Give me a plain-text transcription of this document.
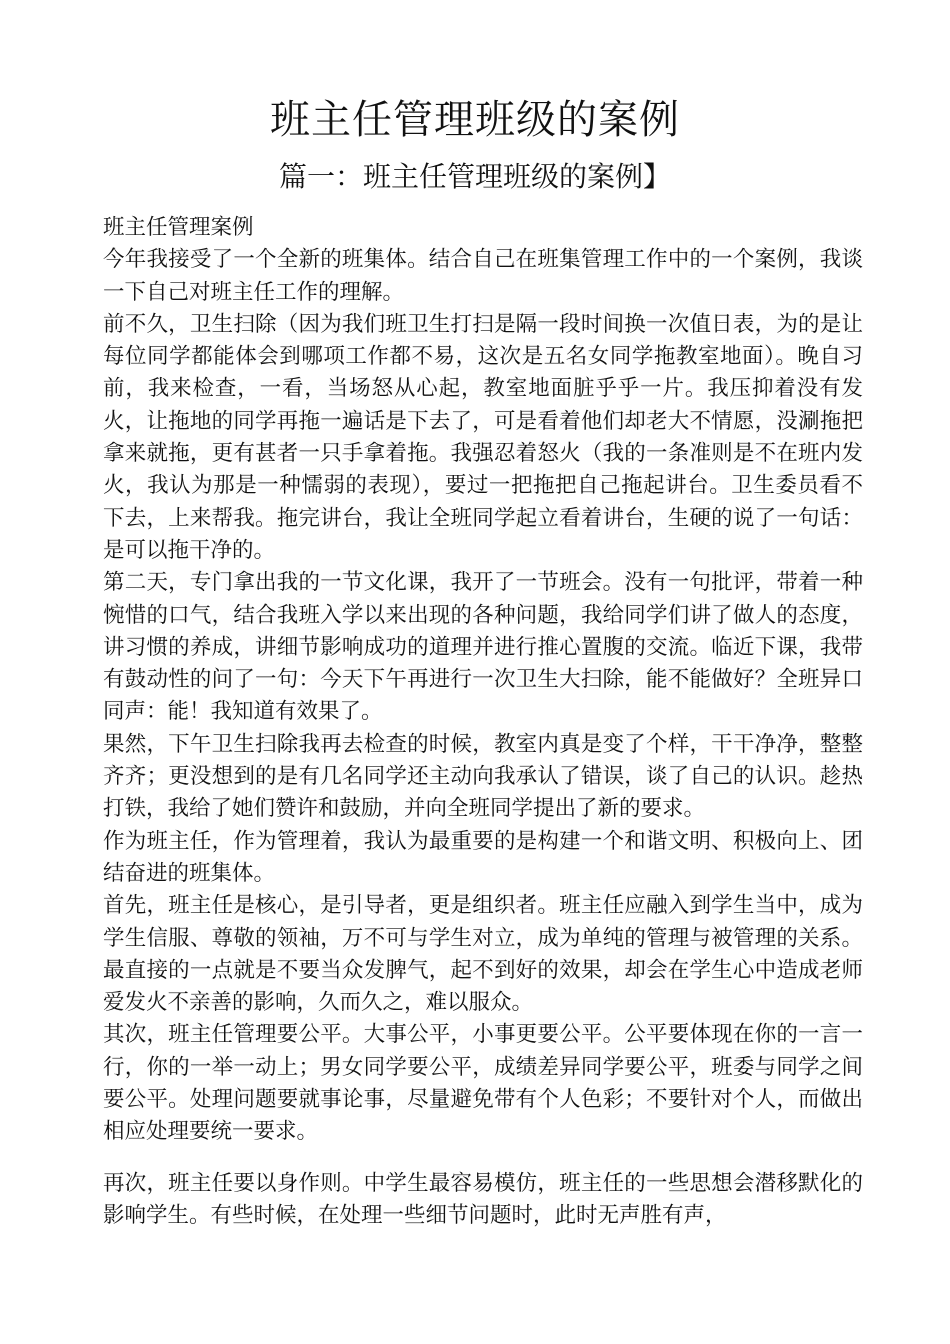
班主任管理班级的案例
篇一：班主任管理班级的案例】

班主任管理案例

今年我接受了一个全新的班集体。结合自己在班集管理工作中的一个案例，我谈一下自己对班主任工作的理解。

前不久，卫生扫除（因为我们班卫生打扫是隔一段时间换一次值日表，为的是让每位同学都能体会到哪项工作都不易，这次是五名女同学拖教室地面）。晚自习前，我来检查，一看，当场怒从心起，教室地面脏乎乎一片。我压抑着没有发火，让拖地的同学再拖一遍话是下去了，可是看着他们却老大不情愿，没涮拖把拿来就拖，更有甚者一只手拿着拖。我强忍着怒火（我的一条准则是不在班内发火，我认为那是一种懦弱的表现），要过一把拖把自己拖起讲台。卫生委员看不下去，上来帮我。拖完讲台，我让全班同学起立看着讲台，生硬的说了一句话：是可以拖干净的。

第二天，专门拿出我的一节文化课，我开了一节班会。没有一句批评，带着一种惋惜的口气，结合我班入学以来出现的各种问题，我给同学们讲了做人的态度，讲习惯的养成，讲细节影响成功的道理并进行推心置腹的交流。临近下课，我带有鼓动性的问了一句：今天下午再进行一次卫生大扫除，能不能做好？全班异口同声：能！我知道有效果了。

果然，下午卫生扫除我再去检查的时候，教室内真是变了个样，干干净净，整整齐齐；更没想到的是有几名同学还主动向我承认了错误，谈了自己的认识。趁热打铁，我给了她们赞许和鼓励，并向全班同学提出了新的要求。

作为班主任，作为管理着，我认为最重要的是构建一个和谐文明、积极向上、团结奋进的班集体。

首先，班主任是核心，是引导者，更是组织者。班主任应融入到学生当中，成为学生信服、尊敬的领袖，万不可与学生对立，成为单纯的管理与被管理的关系。最直接的一点就是不要当众发脾气，起不到好的效果，却会在学生心中造成老师爱发火不亲善的影响，久而久之，难以服众。

其次，班主任管理要公平。大事公平，小事更要公平。公平要体现在你的一言一行，你的一举一动上；男女同学要公平，成绩差异同学要公平，班委与同学之间要公平。处理问题要就事论事，尽量避免带有个人色彩；不要针对个人，而做出相应处理要统一要求。

再次，班主任要以身作则。中学生最容易模仿，班主任的一些思想会潜移默化的影响学生。有些时候，在处理一些细节问题时，此时无声胜有声，
